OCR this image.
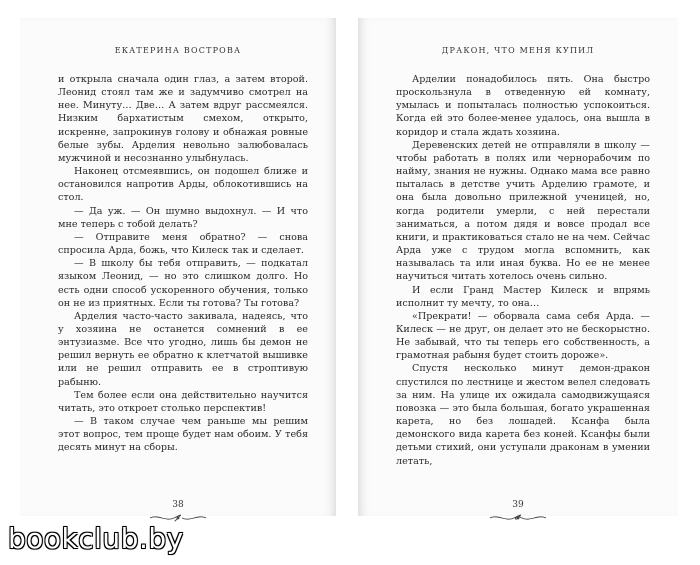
ЕКАТЕРИНА ВОСТРОВА

и открыла сначала один глаз, а затем второй. Леонид стоял там же и задумчиво смотрел на нее. Минуту… Две… А затем вдруг рассмеялся. Низким бархатистым смехом, открыто, искренне, запрокинув голову и обнажая ровные белые зубы. Арделия невольно залюбовалась мужчиной и несознанно улыбнулась.

Наконец отсмеявшись, он подошел ближе и остановился напротив Арды, облокотившись на стол.

— Да уж. — Он шумно выдохнул. — И что мне теперь с тобой делать?

— Отправите меня обратно? — снова спросила Арда, божь, что Килеск так и сделает.

— В школу бы тебя отправить, — подкатал языком Леонид, — но это слишком долго. Но есть одни способ ускоренного обучения, только он не из приятных. Если ты готова? Ты готова?

Арделия часто-часто закивала, надеясь, что у хозяина не останется сомнений в ее энтузиазме. Все что угодно, лишь бы демон не решил вернуть ее обратно к клетчатой вышивке или не решил отправить ее в строптивую рабыню.

Тем более если она действительно научится читать, это откроет столько перспектив!

— В таком случае чем раньше мы решим этот вопрос, тем проще будет нам обоим. У тебя десять минут на сборы.

38
ДРАКОН, ЧТО МЕНЯ КУПИЛ

Арделии понадобилось пять. Она быстро проскользнула в отведенную ей комнату, умылась и попыталась полностью успокоиться. Когда ей это более-менее удалось, она вышла в коридор и стала ждать хозяина.

Деревенских детей не отправляли в школу — чтобы работать в полях или чернорабочим по найму, знания не нужны. Однако мама все равно пыталась в детстве учить Арделию грамоте, и она была довольно прилежной ученицей, но, когда родители умерли, с ней перестали заниматься, а потом дядя и вовсе продал все книги, и практиковаться стало не на чем. Сейчас Арда уже с трудом могла вспомнить, как называлась та или иная буква. Но ее не менее научиться читать хотелось очень сильно.

И если Гранд Мастер Килеск и впрямь исполнит ту мечту, то она…

«Прекрати! — оборвала сама себя Арда. — Килеск — не друг, он делает это не бескорыстно. Не забывай, что ты теперь его собственность, а грамотная рабыня будет стоить дороже».

Спустя несколько минут демон-дракон спустился по лестнице и жестом велел следовать за ним. На улице их ожидала самодвижущаяся повозка — это была большая, богато украшенная карета, но без лошадей. Ксанфа была демонского вида карета без коней. Ксанфы были детьми стихий, они уступали драконам в умении летать,

39
bookclub.by
